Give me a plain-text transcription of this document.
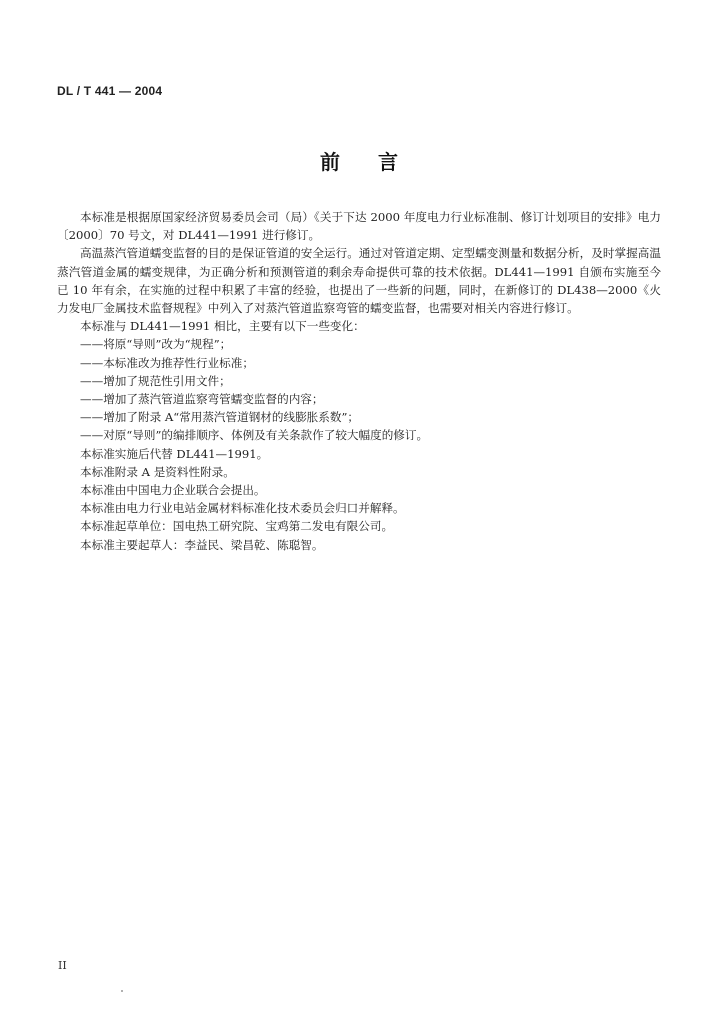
DL / T 441 — 2004
前言

本标准是根据原国家经济贸易委员会司（局）《关于下达 2000 年度电力行业标准制、修订计划项目的安排》电力〔2000〕70 号文，对 DL441—1991 进行修订。

高温蒸汽管道蠕变监督的目的是保证管道的安全运行。通过对管道定期、定型蠕变测量和数据分析，及时掌握高温蒸汽管道金属的蠕变规律，为正确分析和预测管道的剩余寿命提供可靠的技术依据。DL441—1991 自颁布实施至今已 10 年有余，在实施的过程中积累了丰富的经验，也提出了一些新的问题，同时，在新修订的 DL438—2000《火力发电厂金属技术监督规程》中列入了对蒸汽管道监察弯管的蠕变监督，也需要对相关内容进行修订。

本标准与 DL441—1991 相比，主要有以下一些变化：

——将原“导则”改为“规程”；

——本标准改为推荐性行业标准；

——增加了规范性引用文件；

——增加了蒸汽管道监察弯管蠕变监督的内容；

——增加了附录 A“常用蒸汽管道钢材的线膨胀系数”；

——对原“导则”的编排顺序、体例及有关条款作了较大幅度的修订。

本标准实施后代替 DL441—1991。

本标准附录 A 是资料性附录。

本标准由中国电力企业联合会提出。

本标准由电力行业电站金属材料标准化技术委员会归口并解释。

本标准起草单位：国电热工研究院、宝鸡第二发电有限公司。

本标准主要起草人：李益民、梁昌乾、陈聪智。

II
